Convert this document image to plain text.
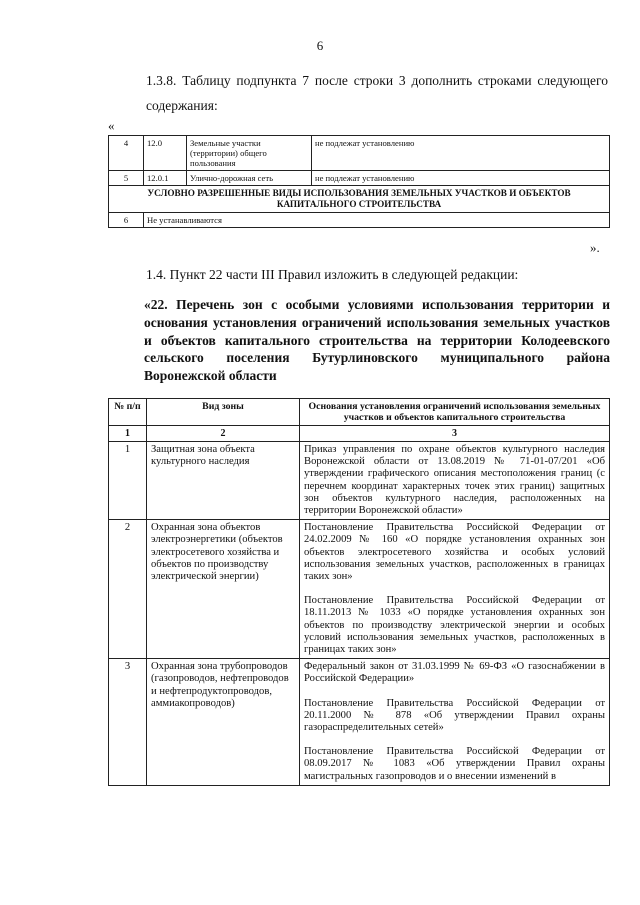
6
1.3.8. Таблицу подпункта 7 после строки 3 дополнить строками следующего содержания:
«
4	12.0	Земельные участки (территории) общего пользования	не подлежат установлению
5	12.0.1	Улично-дорожная сеть	не подлежат установлению
УСЛОВНО РАЗРЕШЕННЫЕ ВИДЫ ИСПОЛЬЗОВАНИЯ ЗЕМЕЛЬНЫХ УЧАСТКОВ И ОБЪЕКТОВ КАПИТАЛЬНОГО СТРОИТЕЛЬСТВА			
6	Не устанавливаются		
».
1.4. Пункт 22 части III Правил изложить в следующей редакции:
«22. Перечень зон с особыми условиями использования территории и основания установления ограничений использования земельных участков и объектов капитального строительства на территории Колодеевского сельского поселения Бутурлиновского муниципального района Воронежской области
№ п/п	Вид зоны	Основания установления ограничений использования земельных участков и объектов капитального строительства
1	2	3
1	Защитная зона объекта культурного наследия	Приказ управления по охране объектов культурного наследия Воронежской области от 13.08.2019 № 71-01-07/201 «Об утверждении графического описания местоположения границ (с перечнем координат характерных точек этих границ) защитных зон объектов культурного наследия, расположенных на территории Воронежской области»

2	Охранная зона объектов электроэнергетики (объектов электросетевого хозяйства и объектов по производству электрической энергии)	Постановление Правительства Российской Федерации от 24.02.2009 № 160 «О порядке установления охранных зон объектов электросетевого хозяйства и особых условий использования земельных участков, расположенных в границах таких зон»
Постановление Правительства Российской Федерации от 18.11.2013 № 1033 «О порядке установления охранных зон объектов по производству электрической энергии и особых условий использования земельных участков, расположенных в границах таких зон»

3	Охранная зона трубопроводов (газопроводов, нефтепроводов и нефтепродуктопроводов, аммиакопроводов)	Федеральный закон от 31.03.1999 № 69-ФЗ «О газоснабжении в Российской Федерации»
Постановление Правительства Российской Федерации от 20.11.2000 № 878 «Об утверждении Правил охраны газораспределительных сетей»
Постановление Правительства Российской Федерации от 08.09.2017 № 1083 «Об утверждении Правил охраны магистральных газопроводов и о внесении изменений в
